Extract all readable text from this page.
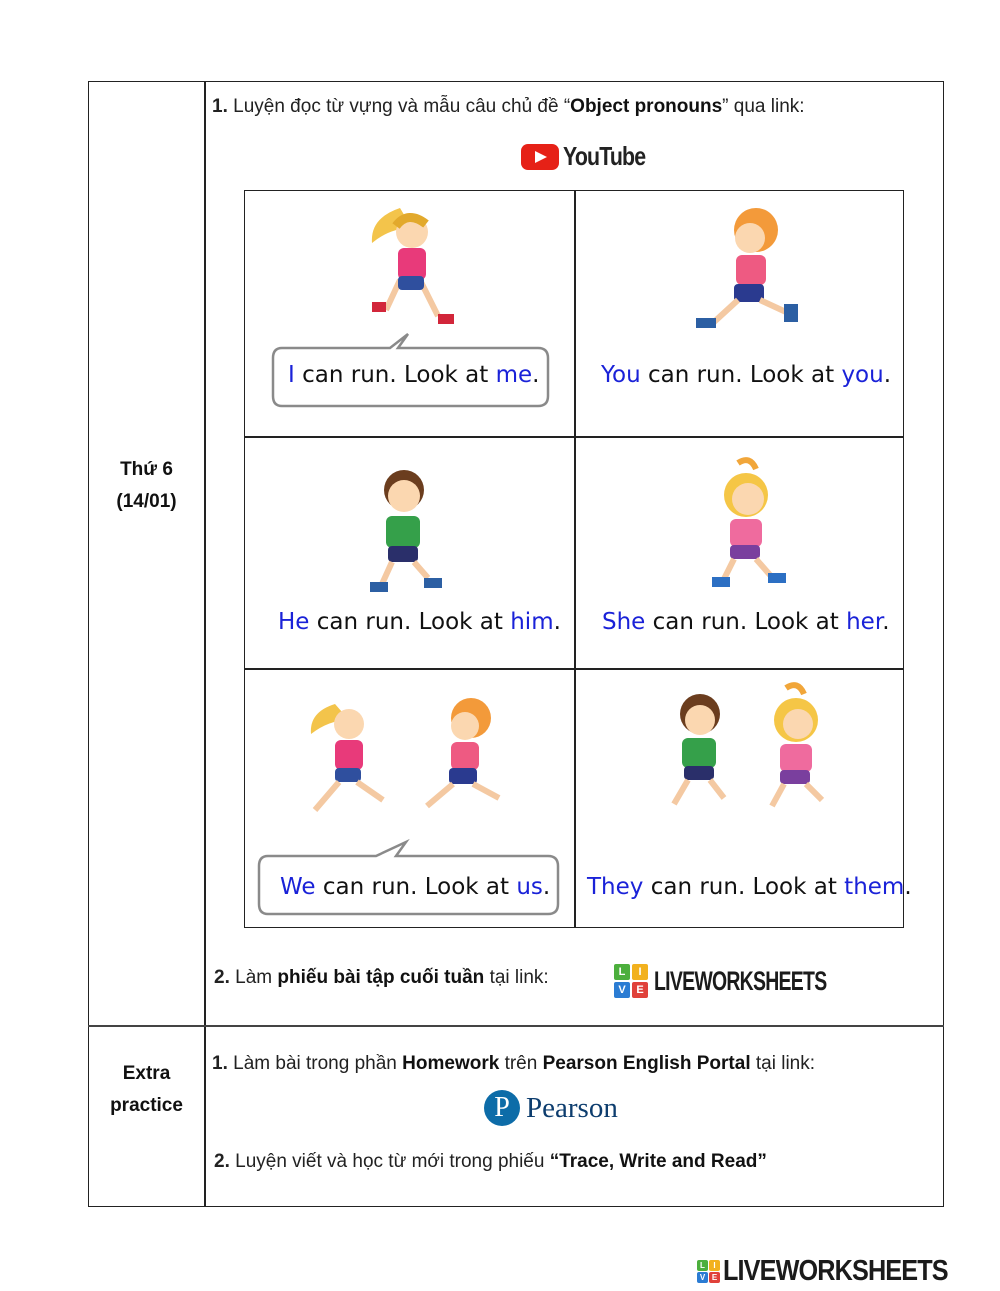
Thứ 6
(14/01)
1. Luyện đọc từ vựng và mẫu câu chủ đề “Object pronouns” qua link:
YouTube
I can run. Look at me.	You can run. Look at you.
He can run. Look at him. She can run. Look at her.
We can run. Look at us. They can run. Look at them.
2. Làm phiếu bài tập cuối tuần tại link:	L	I
V E LIVEWORKSHEETS
Extra
practice
1. Làm bài trong phần Homework trên Pearson English Portal tại link:
P Pearson
2. Luyện viết và học từ mới trong phiếu “Trace, Write and Read”
L	I
V E LIVEWORKSHEETS
